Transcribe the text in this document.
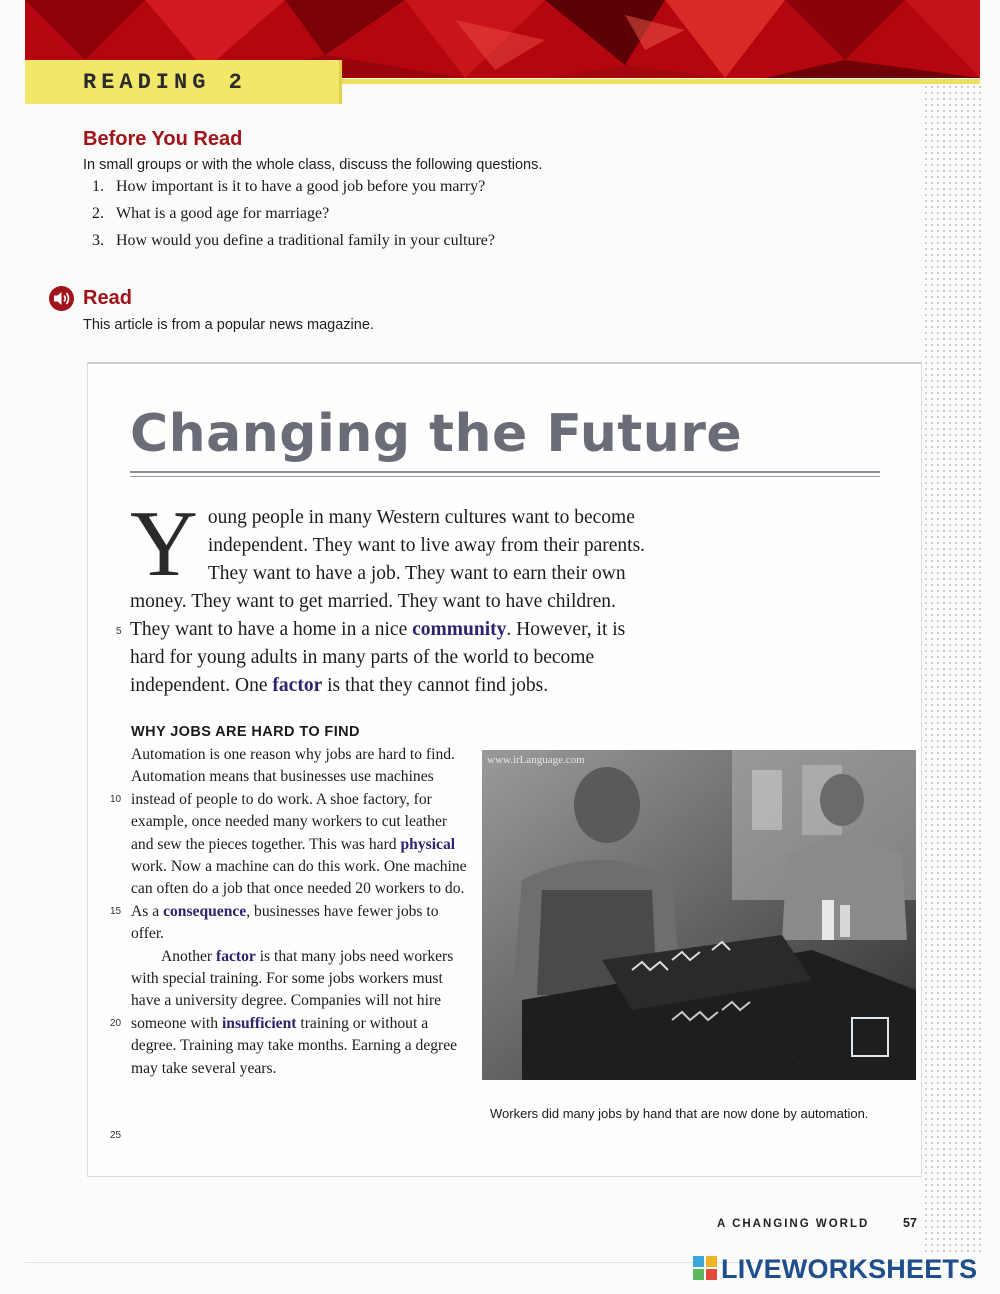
READING 2
Before You Read
In small groups or with the whole class, discuss the following questions.
1. How important is it to have a good job before you marry?
2. What is a good age for marriage?
3. How would you define a traditional family in your culture?
Read
This article is from a popular news magazine.
Changing the Future
Y oung people in many Western cultures want to become
independent. They want to live away from their parents.
They want to have a job. They want to earn their own
money. They want to get married. They want to have children.
They want to have a home in a nice community. However, it is
hard for young adults in many parts of the world to become
independent. One factor is that they cannot find jobs.
5
10
15
20
25
WHY JOBS ARE HARD TO FIND

Automation is one reason why jobs are hard to find. Automation means that businesses use machines instead of people to do work. A shoe factory, for example, once needed many workers to cut leather and sew the pieces together. This was hard physical work. Now a machine can do this work. One machine can often do a job that once needed 20 workers to do. As a consequence, businesses have fewer jobs to offer.

Another factor is that many jobs need workers with special training. For some jobs workers must have a university degree. Companies will not hire someone with insufficient training or without a degree. Training may take months. Earning a degree may take several years.

www.irLanguage.com
Workers did many jobs by hand that are now done by automation.
A CHANGING WORLD	57
LIVEWORKSHEETS
